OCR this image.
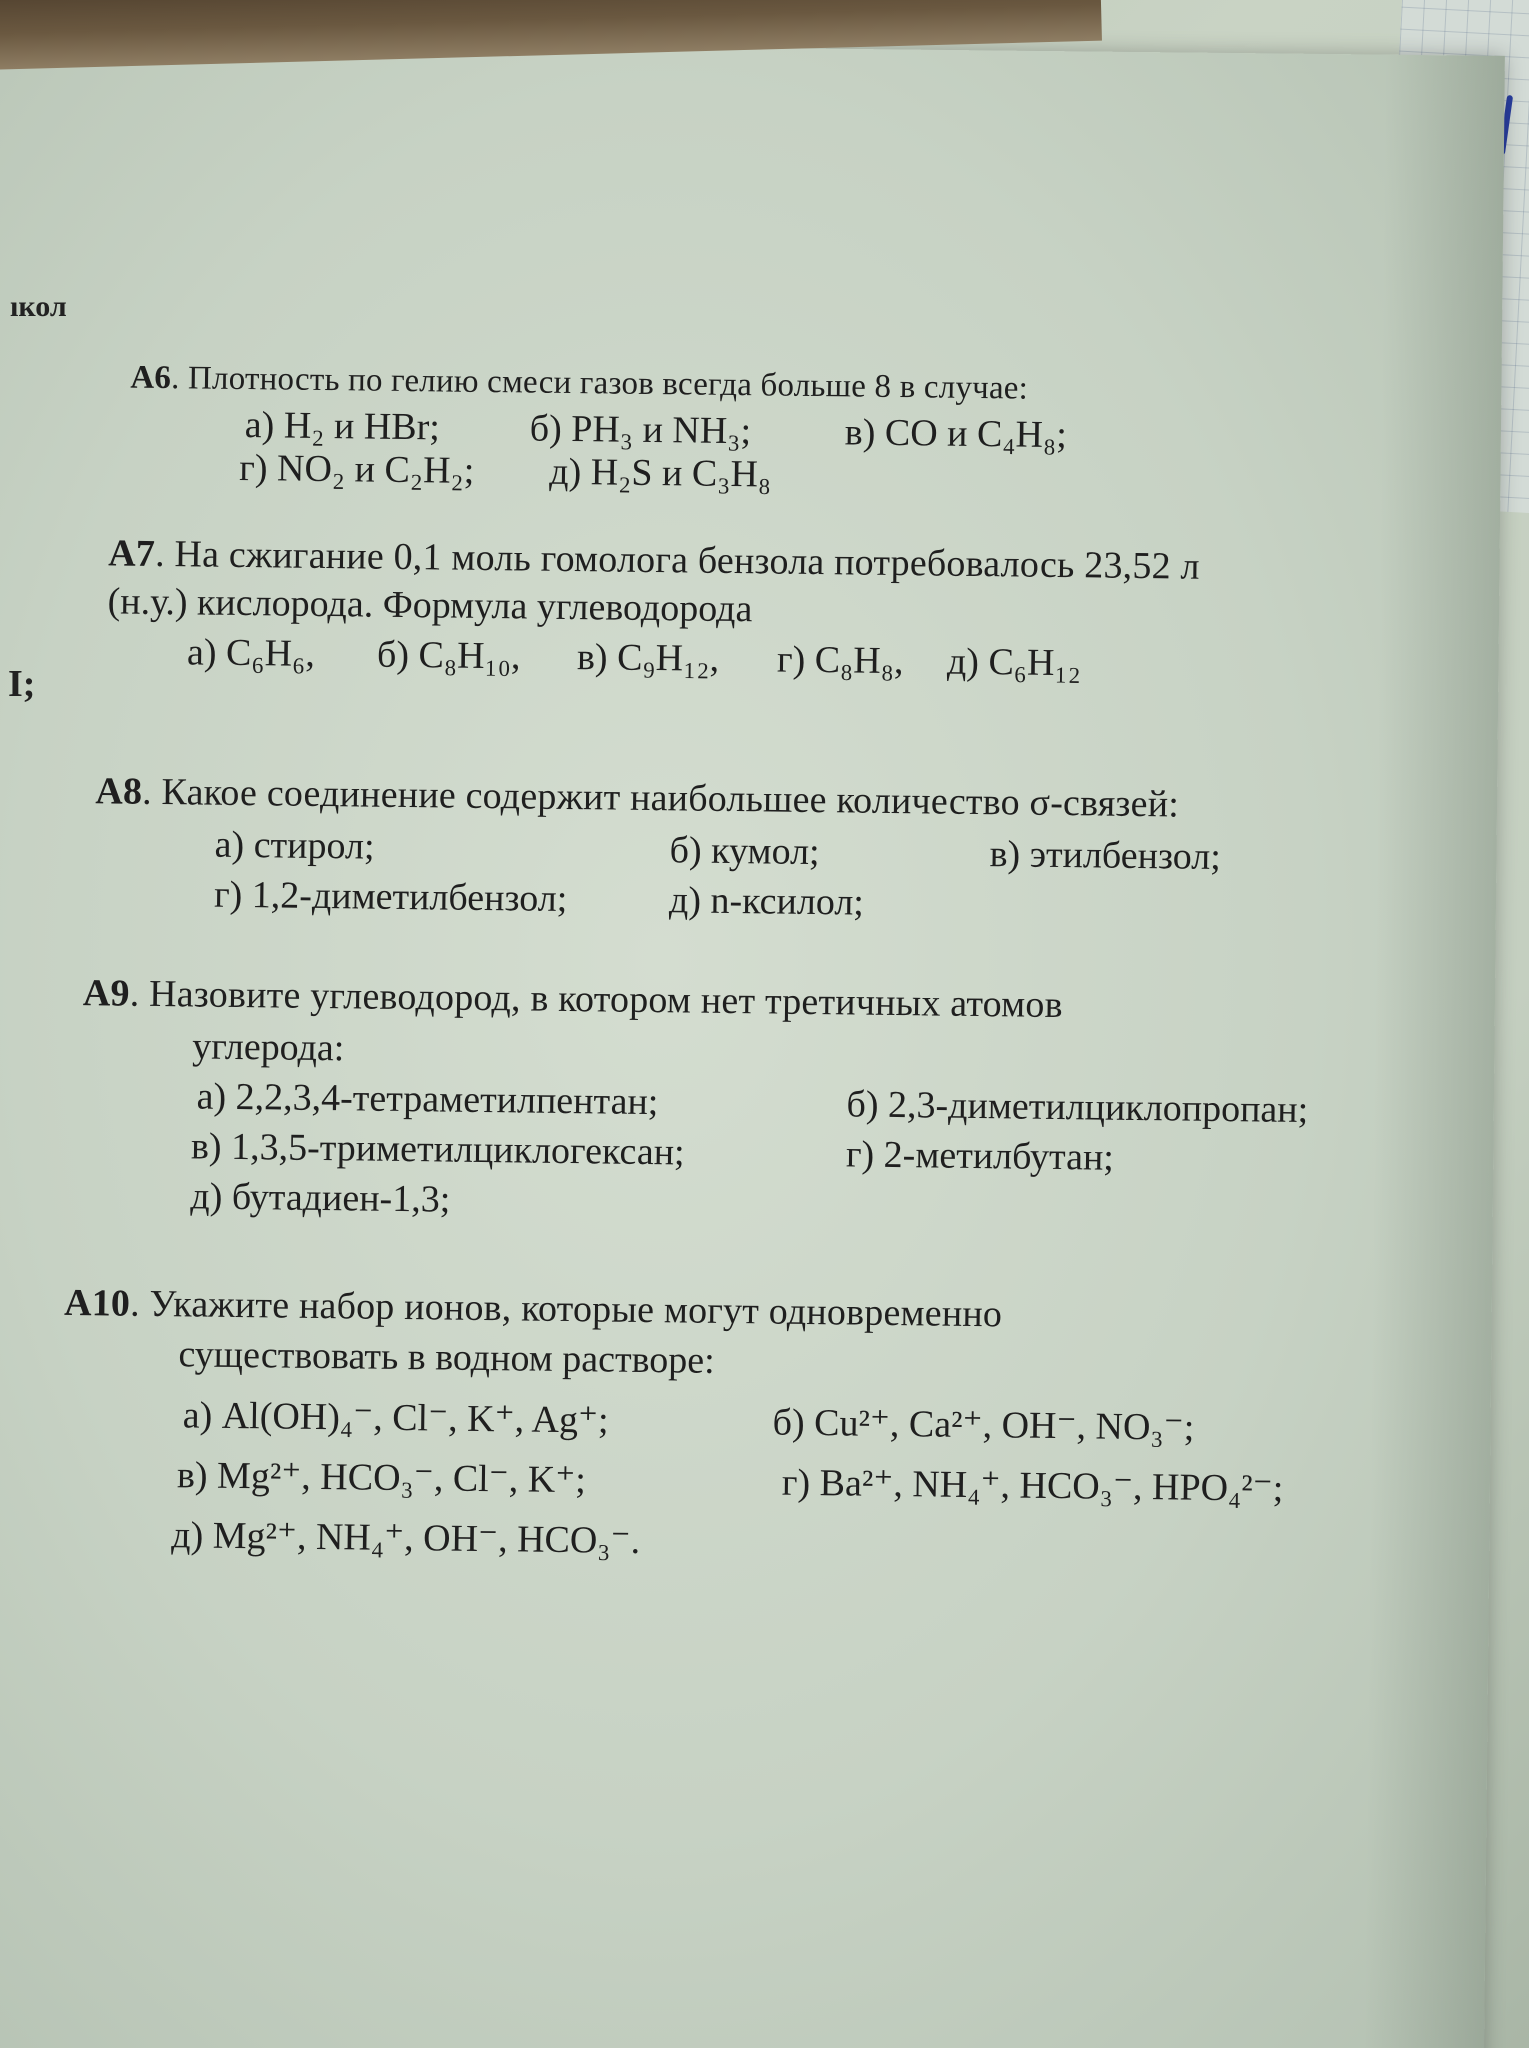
ıкол
I;
А6. Плотность по гелию смеси газов всегда больше 8 в случае:
а) H₂ и HBr; б) PH₃ и NH₃; в) CO и C₄H₈;
г) NO₂ и C₂H₂; д) H₂S и C₃H₈
А7. На сжигание 0,1 моль гомолога бензола потребовалось 23,52 л
(н.у.) кислорода. Формула углеводорода
а) C₆H₆, б) C₈H₁₀, в) C₉H₁₂, г) C₈H₈, д) C₆H₁₂
А8. Какое соединение содержит наибольшее количество σ-связей:
а) стирол;	б) кумол;	в) этилбензол;
г) 1,2-диметилбензол;	д) n-ксилол;
А9. Назовите углеводород, в котором нет третичных атомов
углерода:
а) 2,2,3,4-тетраметилпентан;	б) 2,3-диметилциклопропан;
в) 1,3,5-триметилциклогексан;	г) 2-метилбутан;
д) бутадиен-1,3;
А10. Укажите набор ионов, которые могут одновременно
существовать в водном растворе:
а) Al(OH)₄⁻, Cl⁻, K⁺, Ag⁺;	б) Cu²⁺, Ca²⁺, OH⁻, NO₃⁻;
в) Mg²⁺, HCO₃⁻, Cl⁻, K⁺;	г) Ba²⁺, NH₄⁺, HCO₃⁻, HPO₄²⁻;
д) Mg²⁺, NH₄⁺, OH⁻, HCO₃⁻.
